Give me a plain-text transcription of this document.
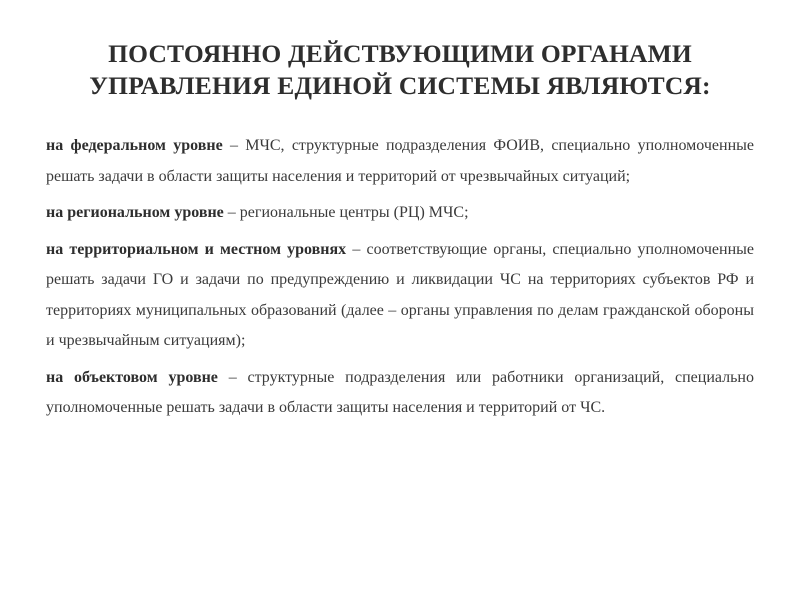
ПОСТОЯННО ДЕЙСТВУЮЩИМИ ОРГАНАМИ
УПРАВЛЕНИЯ ЕДИНОЙ СИСТЕМЫ ЯВЛЯЮТСЯ:

на федеральном уровне – МЧС, структурные подразделения ФОИВ, специально уполномоченные решать задачи в области защиты населения и территорий от чрезвычайных ситуаций;

на региональном уровне – региональные центры (РЦ) МЧС;

на территориальном и местном уровнях – соответствующие органы, специально уполномоченные решать задачи ГО и задачи по предупреждению и ликвидации ЧС на территориях субъектов РФ и территориях муниципальных образований (далее – органы управления по делам гражданской обороны и чрезвычайным ситуациям);

на объектовом уровне – структурные подразделения или работники организаций, специально уполномоченные решать задачи в области защиты населения и территорий от ЧС.
